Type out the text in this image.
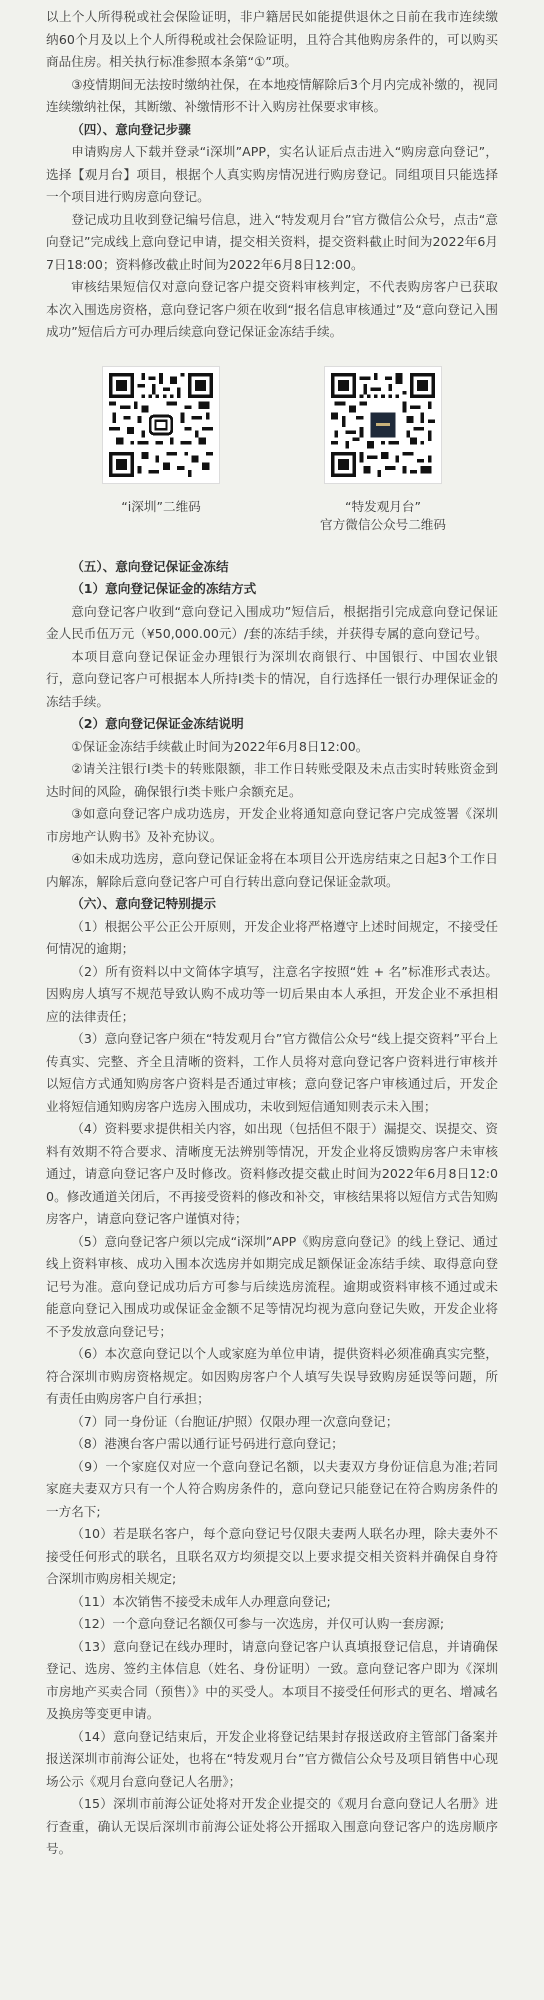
以上个人所得税或社会保险证明，非户籍居民如能提供退休之日前在我市连续缴纳60个月及以上个人所得税或社会保险证明，且符合其他购房条件的，可以购买商品住房。相关执行标准参照本条第“①”项。

③疫情期间无法按时缴纳社保，在本地疫情解除后3个月内完成补缴的，视同连续缴纳社保，其断缴、补缴情形不计入购房社保要求审核。

（四）、意向登记步骤

申请购房人下载并登录“i深圳”APP，实名认证后点击进入“购房意向登记”，选择【观月台】项目，根据个人真实购房情况进行购房登记。同组项目只能选择一个项目进行购房意向登记。

登记成功且收到登记编号信息，进入“特发观月台”官方微信公众号，点击“意向登记”完成线上意向登记申请，提交相关资料，提交资料截止时间为2022年6月7日18:00；资料修改截止时间为2022年6月8日12:00。

审核结果短信仅对意向登记客户提交资料审核判定，不代表购房客户已获取本次入围选房资格，意向登记客户须在收到“报名信息审核通过”及“意向登记入围成功”短信后方可办理后续意向登记保证金冻结手续。

“i深圳”二维码	“特发观月台”
官方微信公众号二维码

（五）、意向登记保证金冻结

（1）意向登记保证金的冻结方式

意向登记客户收到“意向登记入围成功”短信后，根据指引完成意向登记保证金人民币伍万元（¥50,000.00元）/套的冻结手续，并获得专属的意向登记号。

本项目意向登记保证金办理银行为深圳农商银行、中国银行、中国农业银行，意向登记客户可根据本人所持I类卡的情况，自行选择任一银行办理保证金的冻结手续。

（2）意向登记保证金冻结说明

①保证金冻结手续截止时间为2022年6月8日12:00。

②请关注银行I类卡的转账限额，非工作日转账受限及未点击实时转账资金到达时间的风险，确保银行I类卡账户余额充足。

③如意向登记客户成功选房，开发企业将通知意向登记客户完成签署《深圳市房地产认购书》及补充协议。

④如未成功选房，意向登记保证金将在本项目公开选房结束之日起3个工作日内解冻，解除后意向登记客户可自行转出意向登记保证金款项。

（六）、意向登记特别提示

（1）根据公平公正公开原则，开发企业将严格遵守上述时间规定，不接受任何情况的逾期；

（2）所有资料以中文简体字填写，注意名字按照“姓 + 名”标准形式表达。因购房人填写不规范导致认购不成功等一切后果由本人承担，开发企业不承担相应的法律责任；

（3）意向登记客户须在“特发观月台”官方微信公众号“线上提交资料”平台上传真实、完整、齐全且清晰的资料，工作人员将对意向登记客户资料进行审核并以短信方式通知购房客户资料是否通过审核；意向登记客户审核通过后，开发企业将短信通知购房客户选房入围成功，未收到短信通知则表示未入围；

（4）资料要求提供相关内容，如出现（包括但不限于）漏提交、误提交、资料有效期不符合要求、清晰度无法辨别等情况，开发企业将反馈购房客户未审核通过，请意向登记客户及时修改。资料修改提交截止时间为2022年6月8日12:00。修改通道关闭后，不再接受资料的修改和补交，审核结果将以短信方式告知购房客户，请意向登记客户谨慎对待；

（5）意向登记客户须以完成“i深圳”APP《购房意向登记》的线上登记、通过线上资料审核、成功入围本次选房并如期完成足额保证金冻结手续、取得意向登记号为准。意向登记成功后方可参与后续选房流程。逾期或资料审核不通过或未能意向登记入围成功或保证金金额不足等情况均视为意向登记失败，开发企业将不予发放意向登记号；

（6）本次意向登记以个人或家庭为单位申请，提供资料必须准确真实完整，符合深圳市购房资格规定。如因购房客户个人填写失误导致购房延误等问题，所有责任由购房客户自行承担；

（7）同一身份证（台胞证/护照）仅限办理一次意向登记；

（8）港澳台客户需以通行证号码进行意向登记；

（9）一个家庭仅对应一个意向登记名额，以夫妻双方身份证信息为准;若同家庭夫妻双方只有一个人符合购房条件的，意向登记只能登记在符合购房条件的一方名下;

（10）若是联名客户，每个意向登记号仅限夫妻两人联名办理，除夫妻外不接受任何形式的联名，且联名双方均须提交以上要求提交相关资料并确保自身符合深圳市购房相关规定;

（11）本次销售不接受未成年人办理意向登记;

（12）一个意向登记名额仅可参与一次选房，并仅可认购一套房源;

（13）意向登记在线办理时，请意向登记客户认真填报登记信息，并请确保登记、选房、签约主体信息（姓名、身份证明）一致。意向登记客户即为《深圳市房地产买卖合同（预售）》中的买受人。本项目不接受任何形式的更名、增减名及换房等变更申请。

（14）意向登记结束后，开发企业将登记结果封存报送政府主管部门备案并报送深圳市前海公证处，也将在“特发观月台”官方微信公众号及项目销售中心现场公示《观月台意向登记人名册》；

（15）深圳市前海公证处将对开发企业提交的《观月台意向登记人名册》进行查重，确认无误后深圳市前海公证处将公开摇取入围意向登记客户的选房顺序号。
